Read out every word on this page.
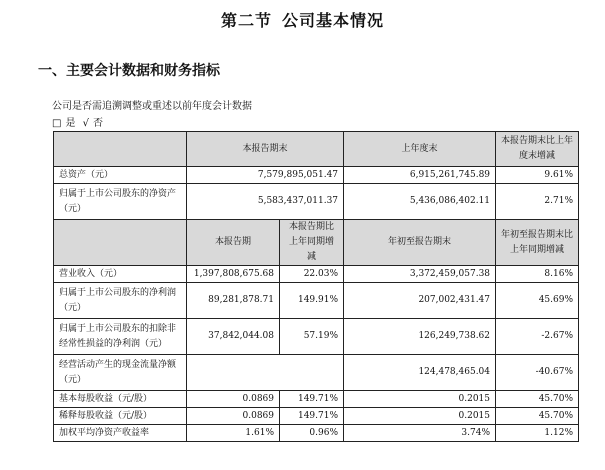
第二节 公司基本情况
一、主要会计数据和财务指标
公司是否需追溯调整或重述以前年度会计数据
□ 是 √ 否
	本报告期末		上年度末	本报告期末比上年度末增减
总资产（元）	7,579,895,051.47		6,915,261,745.89	9.61%
归属于上市公司股东的净资产（元）	5,583,437,011.37		5,436,086,402.11	2.71%
	本报告期	本报告期比上年同期增减	年初至报告期末	年初至报告期末比上年同期增减
营业收入（元）	1,397,808,675.68	22.03%	3,372,459,057.38	8.16%
归属于上市公司股东的净利润（元）	89,281,878.71	149.91%	207,002,431.47	45.69%
归属于上市公司股东的扣除非经常性损益的净利润（元）	37,842,044.08	57.19%	126,249,738.62	-2.67%
经营活动产生的现金流量净额（元）			124,478,465.04	-40.67%
基本每股收益（元/股）	0.0869	149.71%	0.2015	45.70%
稀释每股收益（元/股）	0.0869	149.71%	0.2015	45.70%
加权平均净资产收益率	1.61%	0.96%	3.74%	1.12%
